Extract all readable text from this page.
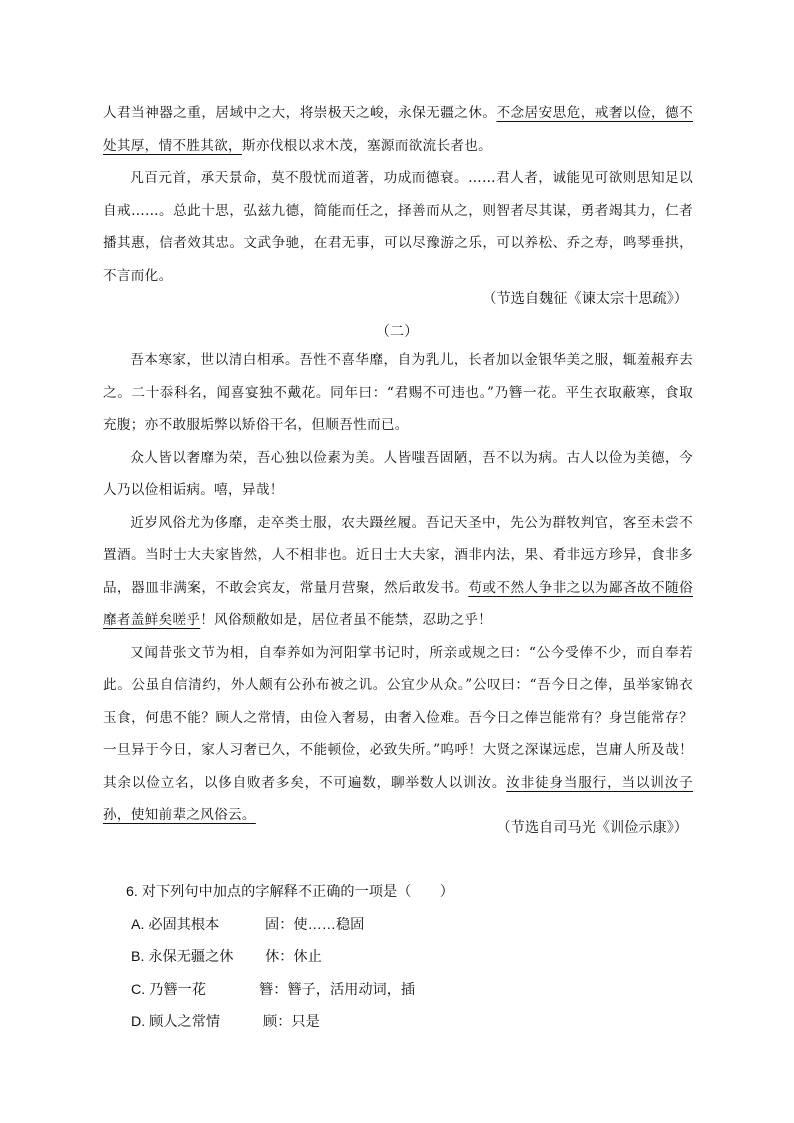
人君当神器之重，居域中之大，将崇极天之峻，永保无疆之休。不念居安思危，戒奢以俭，德不处其厚，情不胜其欲，斯亦伐根以求木茂，塞源而欲流长者也。

凡百元首，承天景命，莫不殷忧而道著，功成而德衰。……君人者，诚能见可欲则思知足以自戒……。总此十思，弘兹九德，简能而任之，择善而从之，则智者尽其谋，勇者竭其力，仁者播其惠，信者效其忠。文武争驰，在君无事，可以尽豫游之乐，可以养松、乔之寿，鸣琴垂拱，不言而化。

（节选自魏征《谏太宗十思疏》）
（二）

吾本寒家，世以清白相承。吾性不喜华靡，自为乳儿，长者加以金银华美之服，辄羞赧弃去之。二十忝科名，闻喜宴独不戴花。同年曰：“君赐不可违也。”乃簪一花。平生衣取蔽寒，食取充腹；亦不敢服垢弊以矫俗干名，但顺吾性而已。

众人皆以奢靡为荣，吾心独以俭素为美。人皆嗤吾固陋，吾不以为病。古人以俭为美德，今人乃以俭相诟病。嘻，异哉！

近岁风俗尤为侈靡，走卒类士服，农夫蹑丝履。吾记天圣中，先公为群牧判官，客至未尝不置酒。当时士大夫家皆然，人不相非也。近日士大夫家，酒非内法，果、肴非远方珍异，食非多品，器皿非满案，不敢会宾友，常量月营聚，然后敢发书。苟或不然人争非之以为鄙吝故不随俗靡者盖鲜矣嗟乎！风俗颓敝如是，居位者虽不能禁，忍助之乎！

又闻昔张文节为相，自奉养如为河阳掌书记时，所亲或规之曰：“公今受俸不少，而自奉若此。公虽自信清约，外人颇有公孙布被之讥。公宜少从众。”公叹曰：“吾今日之俸，虽举家锦衣玉食，何患不能？顾人之常情，由俭入奢易，由奢入俭难。吾今日之俸岂能常有？身岂能常存？一旦异于今日，家人习奢已久，不能顿俭，必致失所。”呜呼！大贤之深谋远虑，岂庸人所及哉！其余以俭立名，以侈自败者多矣，不可遍数，聊举数人以训汝。汝非徒身当服行，当以训汝子孙，使知前辈之风俗云。

（节选自司马光《训俭示康》）
6. 对下列句中加点的字解释不正确的一项是（　　）
A. 必固其根本	固：使……稳固
B. 永保无疆之休 休：休止
C. 乃簪一花	簪：簪子，活用动词，插
D. 顾人之常情	顾：只是
